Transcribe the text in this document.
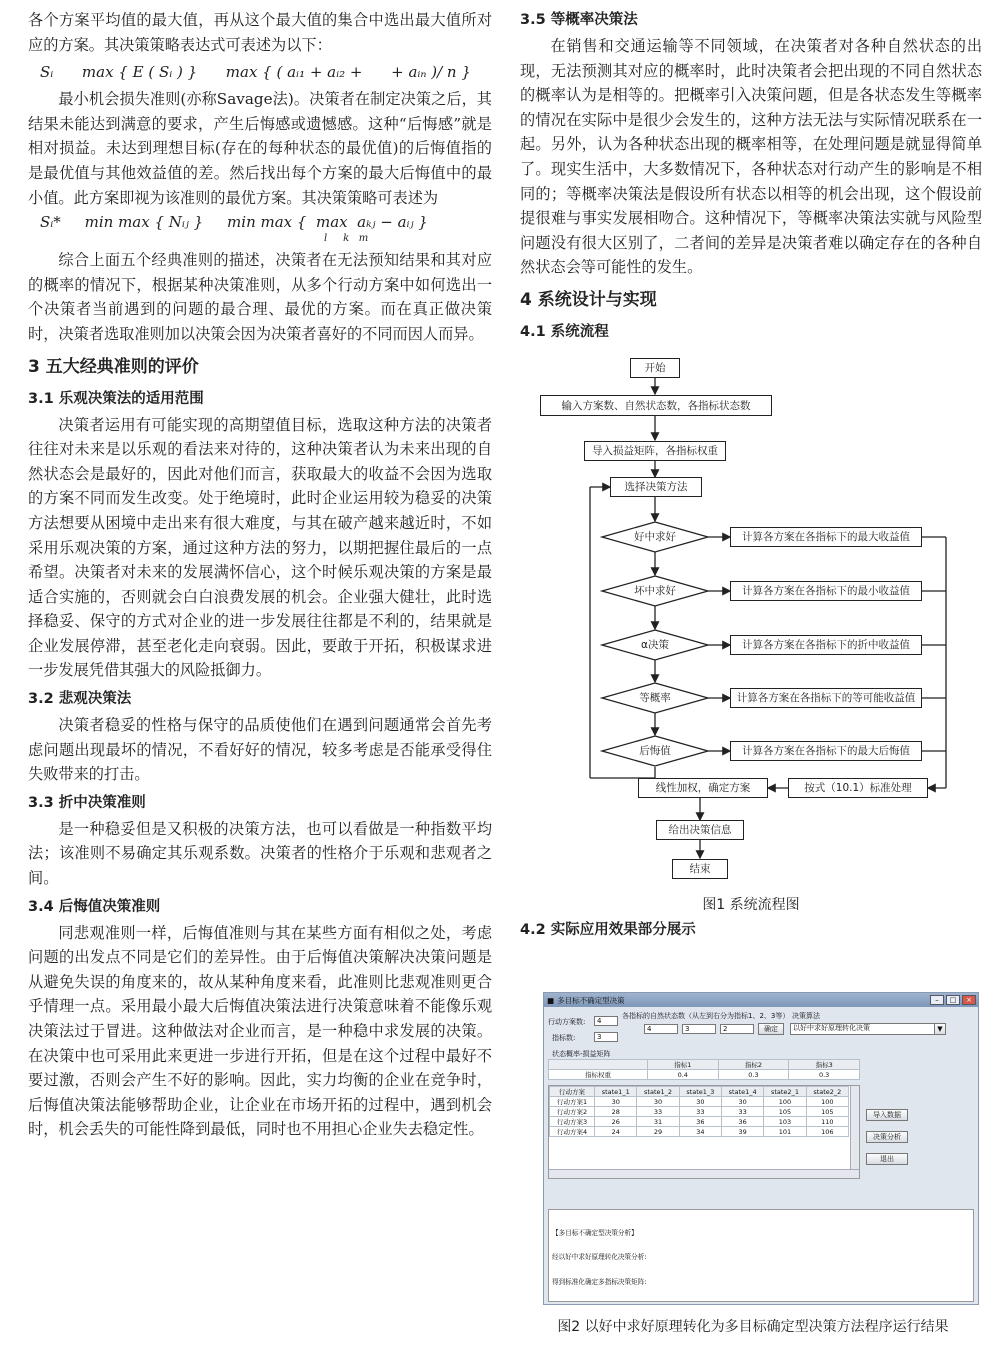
各个方案平均值的最大值，再从这个最大值的集合中选出最大值所对应的方案。其决策策略表达式可表述为以下：

Sᵢ      max { E ( Sᵢ ) }      max { ( aᵢ₁ + aᵢ₂ +      + aᵢₙ )/ n }

最小机会损失准则(亦称Savage法)。决策者在制定决策之后，其结果未能达到满意的要求，产生后悔感或遗憾感。这种“后悔感”就是相对损益。未达到理想目标(存在的每种状态的最优值)的后悔值指的是最优值与其他效益值的差。然后找出每个方案的最大后悔值中的最小值。此方案即视为该准则的最优方案。其决策策略可表述为

Sᵢ*     min max { Nᵢⱼ }     min max {  max  aₖⱼ − aᵢⱼ }
l     k   m

综合上面五个经典准则的描述，决策者在无法预知结果和其对应的概率的情况下，根据某种决策准则，从多个行动方案中如何选出一个决策者当前遇到的问题的最合理、最优的方案。而在真正做决策时，决策者选取准则加以决策会因为决策者喜好的不同而因人而异。

3 五大经典准则的评价
3.1 乐观决策法的适用范围

决策者运用有可能实现的高期望值目标，选取这种方法的决策者往往对未来是以乐观的看法来对待的，这种决策者认为未来出现的自然状态会是最好的，因此对他们而言，获取最大的收益不会因为选取的方案不同而发生改变。处于绝境时，此时企业运用较为稳妥的决策方法想要从困境中走出来有很大难度，与其在破产越来越近时，不如采用乐观决策的方案，通过这种方法的努力，以期把握住最后的一点希望。决策者对未来的发展满怀信心，这个时候乐观决策的方案是最适合实施的，否则就会白白浪费发展的机会。企业强大健壮，此时选择稳妥、保守的方式对企业的进一步发展往往都是不利的，结果就是企业发展停滞，甚至老化走向衰弱。因此，要敢于开拓，积极谋求进一步发展凭借其强大的风险抵御力。

3.2 悲观决策法

决策者稳妥的性格与保守的品质使他们在遇到问题通常会首先考虑问题出现最坏的情况，不看好好的情况，较多考虑是否能承受得住失败带来的打击。

3.3 折中决策准则

是一种稳妥但是又积极的决策方法，也可以看做是一种指数平均法；该准则不易确定其乐观系数。决策者的性格介于乐观和悲观者之间。

3.4 后悔值决策准则

同悲观准则一样，后悔值准则与其在某些方面有相似之处，考虑问题的出发点不同是它们的差异性。由于后悔值决策解决决策问题是从避免失误的角度来的，故从某种角度来看，此准则比悲观准则更合乎情理一点。采用最小最大后悔值决策法进行决策意味着不能像乐观决策法过于冒进。这种做法对企业而言，是一种稳中求发展的决策。在决策中也可采用此来更进一步进行开拓，但是在这个过程中最好不要过激，否则会产生不好的影响。因此，实力均衡的企业在竞争时，后悔值决策法能够帮助企业，让企业在市场开拓的过程中，遇到机会时，机会丢失的可能性降到最低，同时也不用担心企业失去稳定性。

3.5 等概率决策法

在销售和交通运输等不同领域，在决策者对各种自然状态的出现，无法预测其对应的概率时，此时决策者会把出现的不同自然状态的概率认为是相等的。把概率引入决策问题，但是各状态发生等概率的情况在实际中是很少会发生的，这种方法无法与实际情况联系在一起。另外，认为各种状态出现的概率相等，在处理问题是就显得简单了。现实生活中，大多数情况下，各种状态对行动产生的影响是不相同的；等概率决策法是假设所有状态以相等的机会出现，这个假设前提很难与事实发展相吻合。这种情况下，等概率决策法实就与风险型问题没有很大区别了，二者间的差异是决策者难以确定存在的各种自然状态会等可能性的发生。

4 系统设计与实现
4.1 系统流程
开始
输入方案数、自然状态数，各指标状态数
导入损益矩阵，各指标权重
选择决策方法
好中求好
坏中求好
α决策
等概率
后悔值
计算各方案在各指标下的最大收益值
计算各方案在各指标下的最小收益值
计算各方案在各指标下的折中收益值
计算各方案在各指标下的等可能收益值
计算各方案在各指标下的最大后悔值
线性加权，确定方案	按式（10.1）标准处理
给出决策信息
结束
图1 系统流程图
4.2 实际应用效果部分展示
■ 多目标不确定型决策	–	□	×
行动方案数:	4
指标数:	3
各指标的自然状态数（从左到右分为指标1、2、3等）
4	3	2	确定
决策算法
以好中求好原理转化决策	▼
状态概率-损益矩阵
	指标1	指标2	指标3
指标权重	0.4	0.3	0.3
行动方案	state1_1	state1_2	state1_3	state1_4	state2_1	state2_2
行动方案1	30	30	30	30	100	100
行动方案2	28	33	33	33	105	105
行动方案3	26	31	36	36	103	110
行动方案4	24	29	34	39	101	106
导入数据
决策分析
退出

【多目标不确定型决策分析】

经以好中求好原理转化决策分析:

得到标准化确定多指标决策矩阵:

图2 以好中求好原理转化为多目标确定型决策方法程序运行结果
